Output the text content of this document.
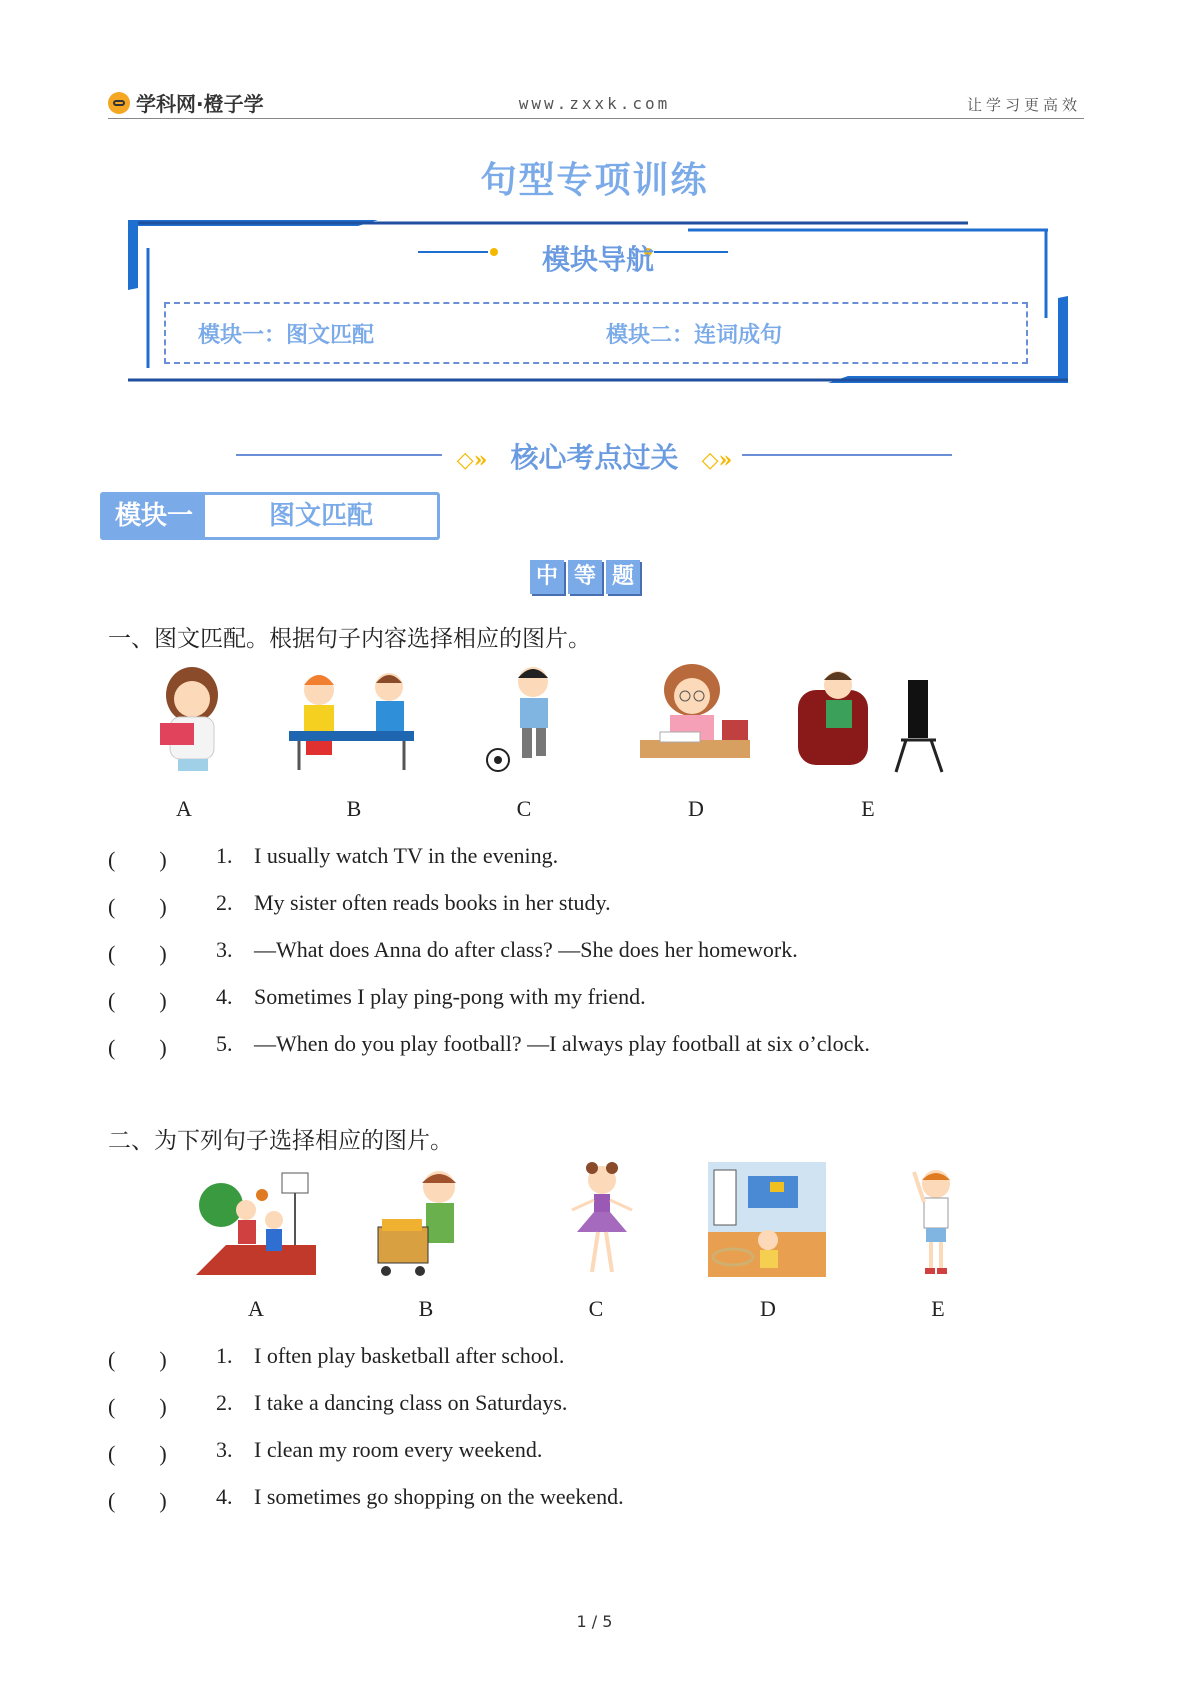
学科网·橙子学	www.zxxk.com	让学习更高效
句型专项训练
模块导航
模块一：图文匹配	模块二：连词成句
◇» 核心考点过关 ◇»
模块一	图文匹配
中 等 题
一、图文匹配。根据句子内容选择相应的图片。
A	B	C	D	E
(　　)	1. I usually watch TV in the evening.
(　　)	2. My sister often reads books in her study.
(　　)	3. —What does Anna do after class? —She does her homework.
(　　)	4. Sometimes I play ping-pong with my friend.
(　　)	5. —When do you play football? —I always play football at six o’clock.
二、为下列句子选择相应的图片。
A	B	C	D	E
(　　)	1. I often play basketball after school.
(　　)	2. I take a dancing class on Saturdays.
(　　)	3. I clean my room every weekend.
(　　)	4. I sometimes go shopping on the weekend.
1 / 5
